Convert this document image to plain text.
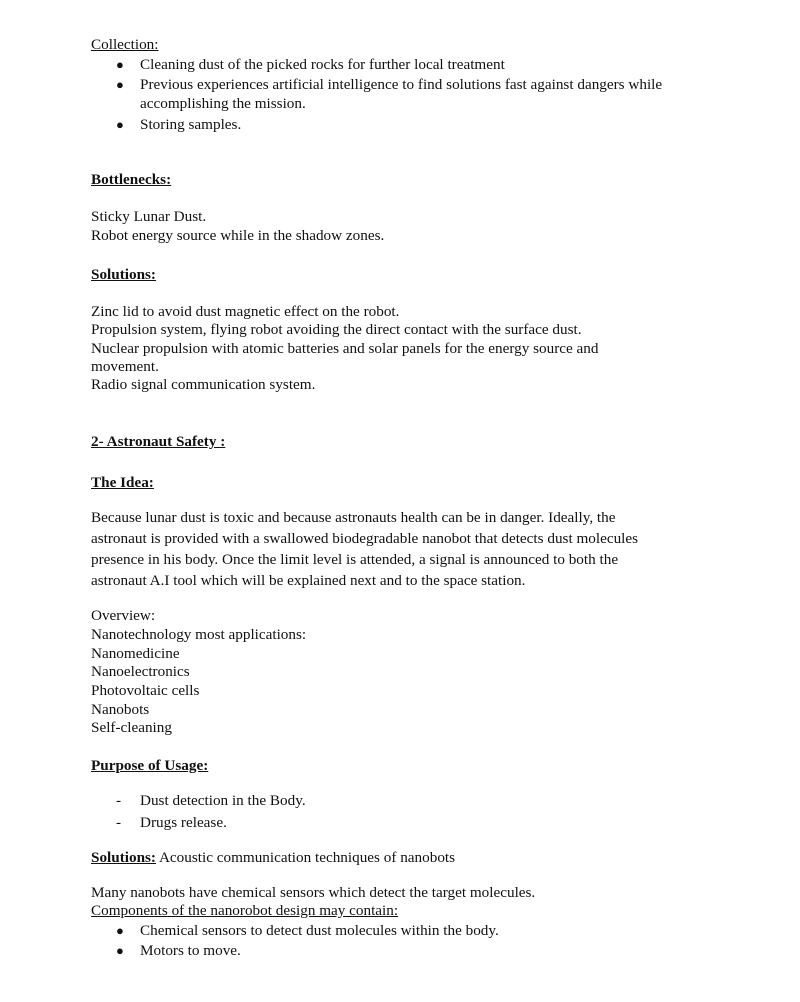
Collection:
● Cleaning dust of the picked rocks for further local treatment
● Previous experiences artificial intelligence to find solutions fast against dangers while
accomplishing the mission.
● Storing samples.
Bottlenecks:
Sticky Lunar Dust.
Robot energy source while in the shadow zones.
Solutions:
Zinc lid to avoid dust magnetic effect on the robot.
Propulsion system, flying robot avoiding the direct contact with the surface dust.
Nuclear propulsion with atomic batteries and solar panels for the energy source and
movement.
Radio signal communication system.
2- Astronaut Safety :
The Idea:
Because lunar dust is toxic and because astronauts health can be in danger. Ideally, the
astronaut is provided with a swallowed biodegradable nanobot that detects dust molecules
presence in his body. Once the limit level is attended, a signal is announced to both the
astronaut A.I tool which will be explained next and to the space station.
Overview:
Nanotechnology most applications:
Nanomedicine
Nanoelectronics
Photovoltaic cells
Nanobots
Self-cleaning
Purpose of Usage:
- Dust detection in the Body.
- Drugs release.
Solutions: Acoustic communication techniques of nanobots
Many nanobots have chemical sensors which detect the target molecules.
Components of the nanorobot design may contain:
● Chemical sensors to detect dust molecules within the body.
● Motors to move.
